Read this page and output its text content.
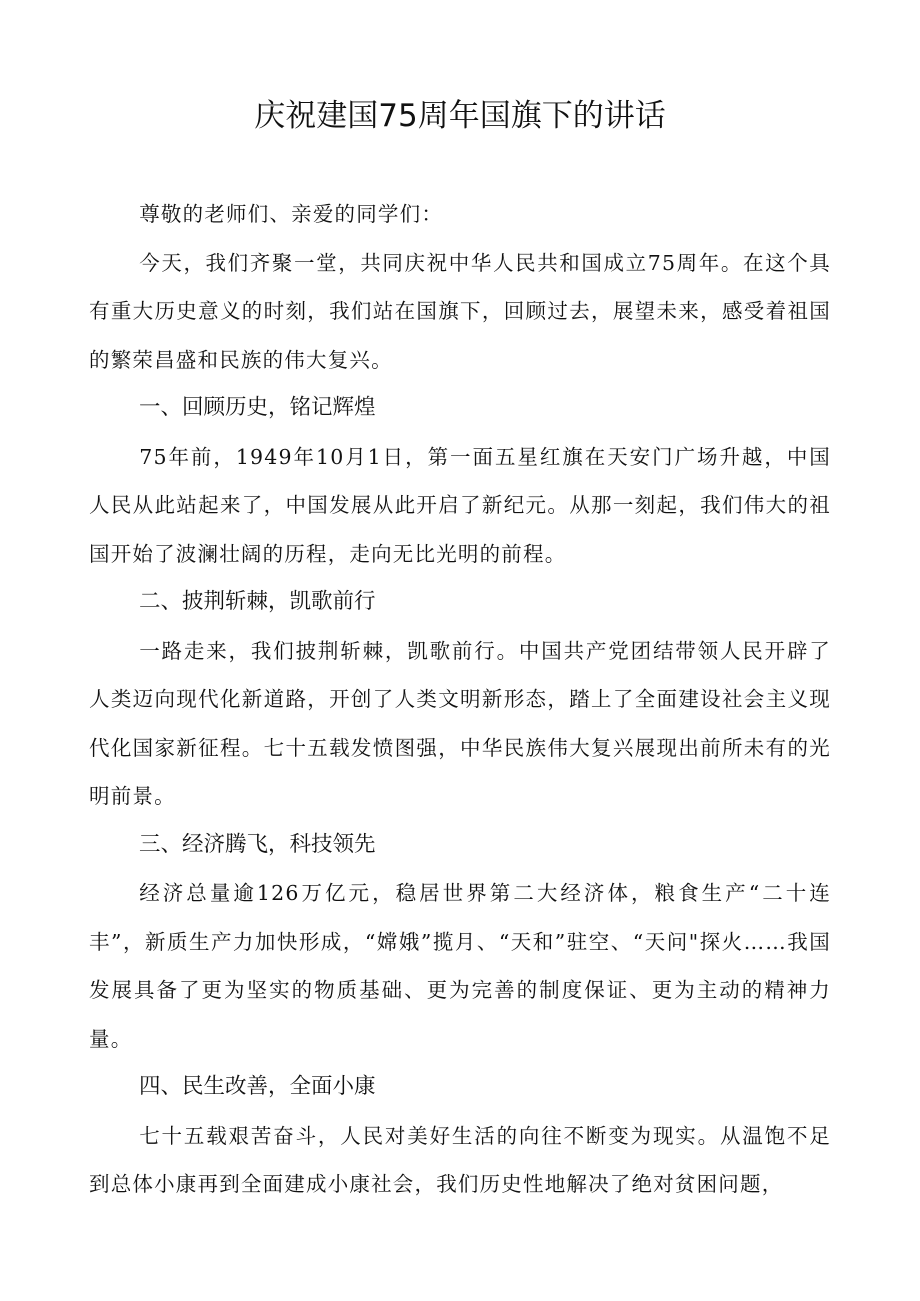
庆祝建国75周年国旗下的讲话

尊敬的老师们、亲爱的同学们：

今天，我们齐聚一堂，共同庆祝中华人民共和国成立75周年。在这个具有重大历史意义的时刻，我们站在国旗下，回顾过去，展望未来，感受着祖国的繁荣昌盛和民族的伟大复兴。

一、回顾历史，铭记辉煌

75年前，1949年10月1日，第一面五星红旗在天安门广场升越，中国人民从此站起来了，中国发展从此开启了新纪元。从那一刻起，我们伟大的祖国开始了波澜壮阔的历程，走向无比光明的前程。

二、披荆斩棘，凯歌前行

一路走来，我们披荆斩棘，凯歌前行。中国共产党团结带领人民开辟了人类迈向现代化新道路，开创了人类文明新形态，踏上了全面建设社会主义现代化国家新征程。七十五载发愤图强，中华民族伟大复兴展现出前所未有的光明前景。

三、经济腾飞，科技领先

经济总量逾126万亿元，稳居世界第二大经济体，粮食生产“二十连丰”，新质生产力加快形成，“嫦娥”揽月、“天和”驻空、“天问"探火……我国发展具备了更为坚实的物质基础、更为完善的制度保证、更为主动的精神力量。

四、民生改善，全面小康

七十五载艰苦奋斗，人民对美好生活的向往不断变为现实。从温饱不足到总体小康再到全面建成小康社会，我们历史性地解决了绝对贫困问题，
